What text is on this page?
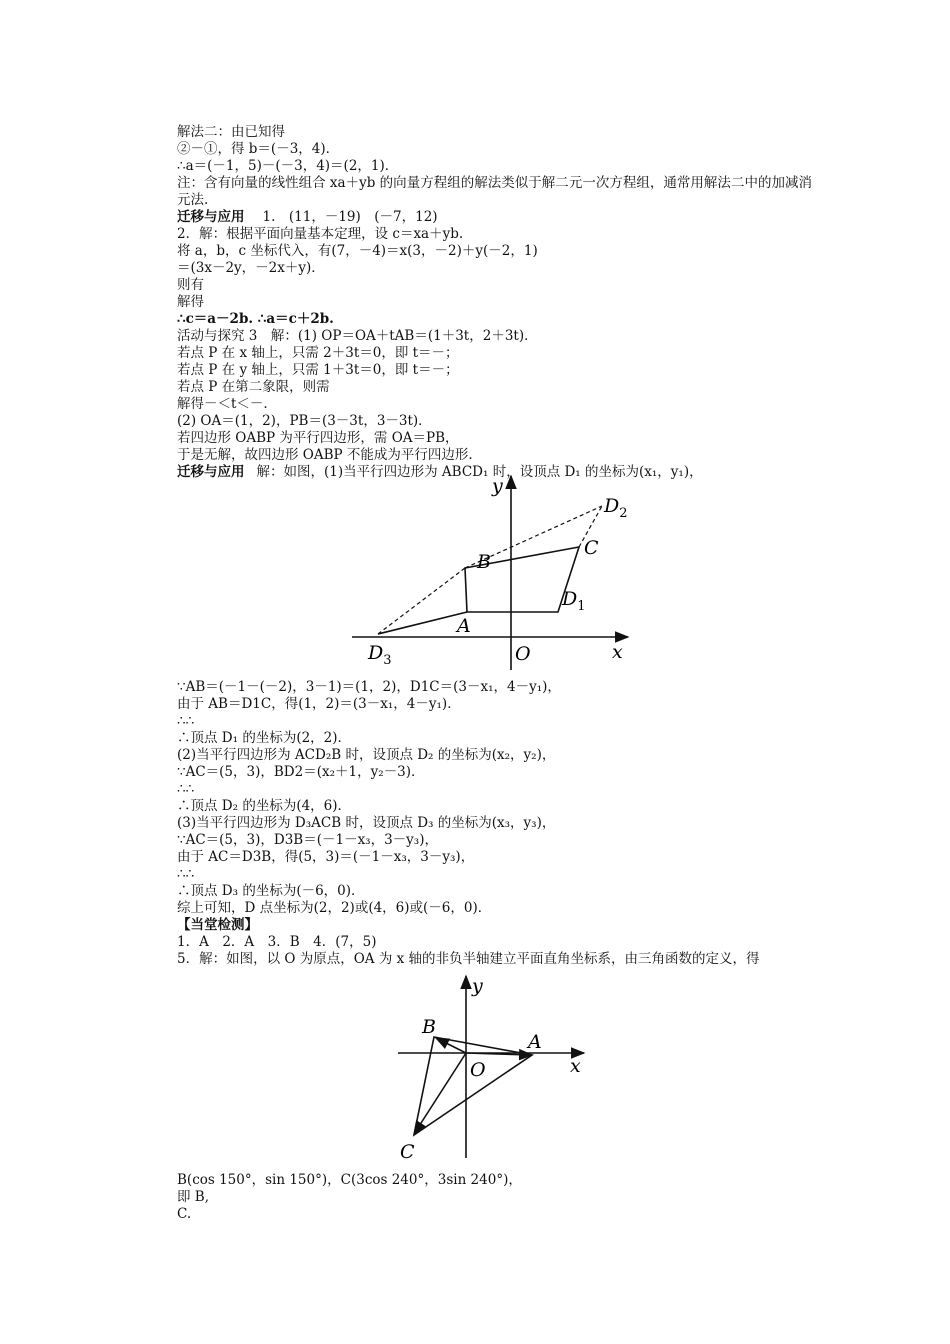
解法二：由已知得
②－①，得 b＝(－3，4)．
∴a＝(－1，5)－(－3，4)＝(2，1)．
注：含有向量的线性组合 xa＋yb 的向量方程组的解法类似于解二元一次方程组，通常用解法二中的加减消元法.
迁移与应用 1.　(11，－19)　(－7，12)
2．解：根据平面向量基本定理，设 c＝xa＋yb.
将 a，b，c 坐标代入，有(7，－4)＝x(3，－2)＋y(－2，1)
＝(3x－2y，－2x＋y)．
则有
解得
∴c＝a－2b. ∴a＝c＋2b.
活动与探究 3　解：(1) OP＝OA＋tAB＝(1＋3t，2＋3t)．
若点 P 在 x 轴上，只需 2＋3t＝0，即 t＝－；
若点 P 在 y 轴上，只需 1＋3t＝0，即 t＝－；
若点 P 在第二象限，则需
解得－＜t＜－.
(2) OA＝(1，2)，PB＝(3－3t，3－3t)．
若四边形 OABP 为平行四边形，需 OA＝PB，
于是无解，故四边形 OABP 不能成为平行四边形.
迁移与应用 解：如图，(1)当平行四边形为 ABCD₁ 时，设顶点 D₁ 的坐标为(x₁，y₁)，
y
x
O
A
B
C
$D_1$
$D_2$
$D_3$
∵AB＝(－1－(－2)，3－1)＝(1，2)，D1C＝(3－x₁，4－y₁)，
由于 AB＝D1C，得(1，2)＝(3－x₁，4－y₁)．
∴∴
∴顶点 D₁ 的坐标为(2，2)．
(2)当平行四边形为 ACD₂B 时，设顶点 D₂ 的坐标为(x₂，y₂)，
∵AC＝(5，3)，BD2＝(x₂＋1，y₂－3)．
∴∴
∴顶点 D₂ 的坐标为(4，6)．
(3)当平行四边形为 D₃ACB 时，设顶点 D₃ 的坐标为(x₃，y₃)，
∵AC＝(5，3)，D3B＝(－1－x₃，3－y₃)，
由于 AC＝D3B，得(5，3)＝(－1－x₃，3－y₃)，
∴∴
∴顶点 D₃ 的坐标为(－6，0)．
综上可知，D 点坐标为(2，2)或(4，6)或(－6，0)．
【当堂检测】
1．A　2．A　3．B　4．(7，5)
5．解：如图，以 O 为原点，OA 为 x 轴的非负半轴建立平面直角坐标系，由三角函数的定义，得
y
x
O
A
B
C
B(cos 150°，sin 150°)，C(3cos 240°，3sin 240°)，
即 B,
C.
